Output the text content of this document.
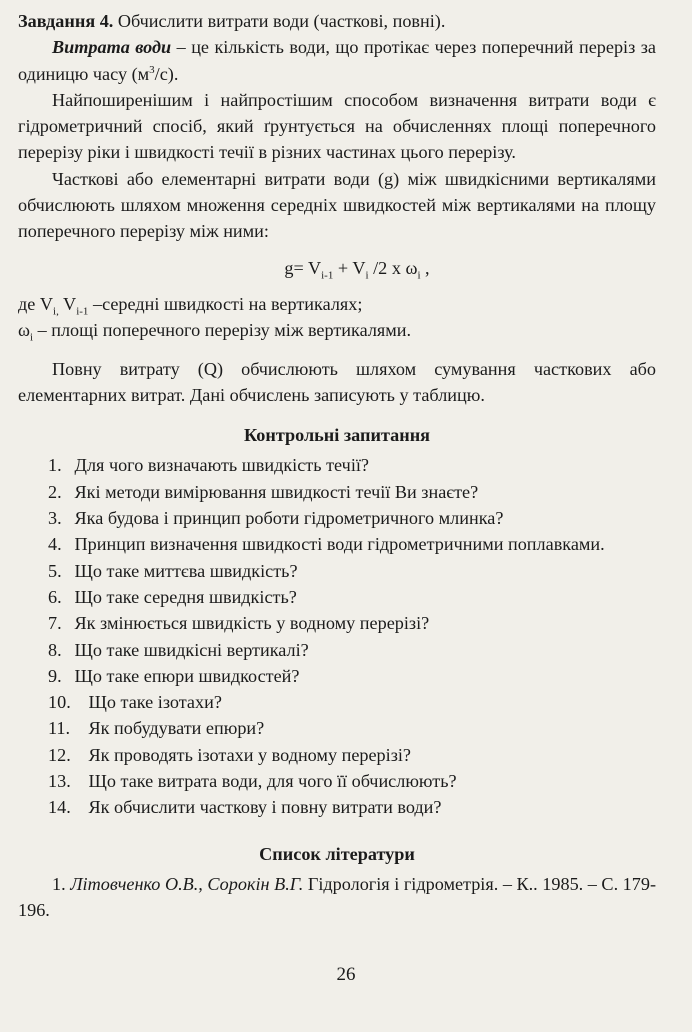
Завдання 4. Обчислити витрати води (часткові, повні).

Витрата води – це кількість води, що протікає через поперечний переріз за одиницю часу $(м^3/с)$.

Найпоширенішим і найпростішим способом визначення витрати води є гідрометричний спосіб, який ґрунтується на обчисленнях площі поперечного перерізу ріки і швидкості течії в різних частинах цього перерізу.

Часткові або елементарні витрати води (g) між швидкісними вертикалями обчислюють шляхом множення середніх швидкостей між вертикалями на площу поперечного перерізу між ними:

$g= V_{i-1} + V_i$ /2 x $\omega_i$ ,

де $V_{i,}$ $V_{i-1}$ –середні швидкості на вертикалях;

$\omega_i$ – площі поперечного перерізу між вертикалями.

Повну витрату (Q) обчислюють шляхом сумування часткових або елементарних витрат. Дані обчислень записують у таблицю.

Контрольні запитання

1. Для чого визначають швидкість течії?
2. Які методи вимірювання швидкості течії Ви знаєте?
3. Яка будова і принцип роботи гідрометричного млинка?
4. Принцип визначення швидкості води гідрометричними поплавками.
5. Що таке миттєва швидкість?
6. Що таке середня швидкість?
7. Як змінюється швидкість у водному перерізі?
8. Що таке швидкісні вертикалі?
9. Що таке епюри швидкостей?
10. Що таке ізотахи?
11. Як побудувати епюри?
12. Як проводять ізотахи у водному перерізі?
13. Що таке витрата води, для чого її обчислюють?
14. Як обчислити часткову і повну витрати води?

Список літератури

1. Літовченко О.В., Сорокін В.Г. Гідрологія і гідрометрія. – К.. 1985. – С. 179-196.

26
